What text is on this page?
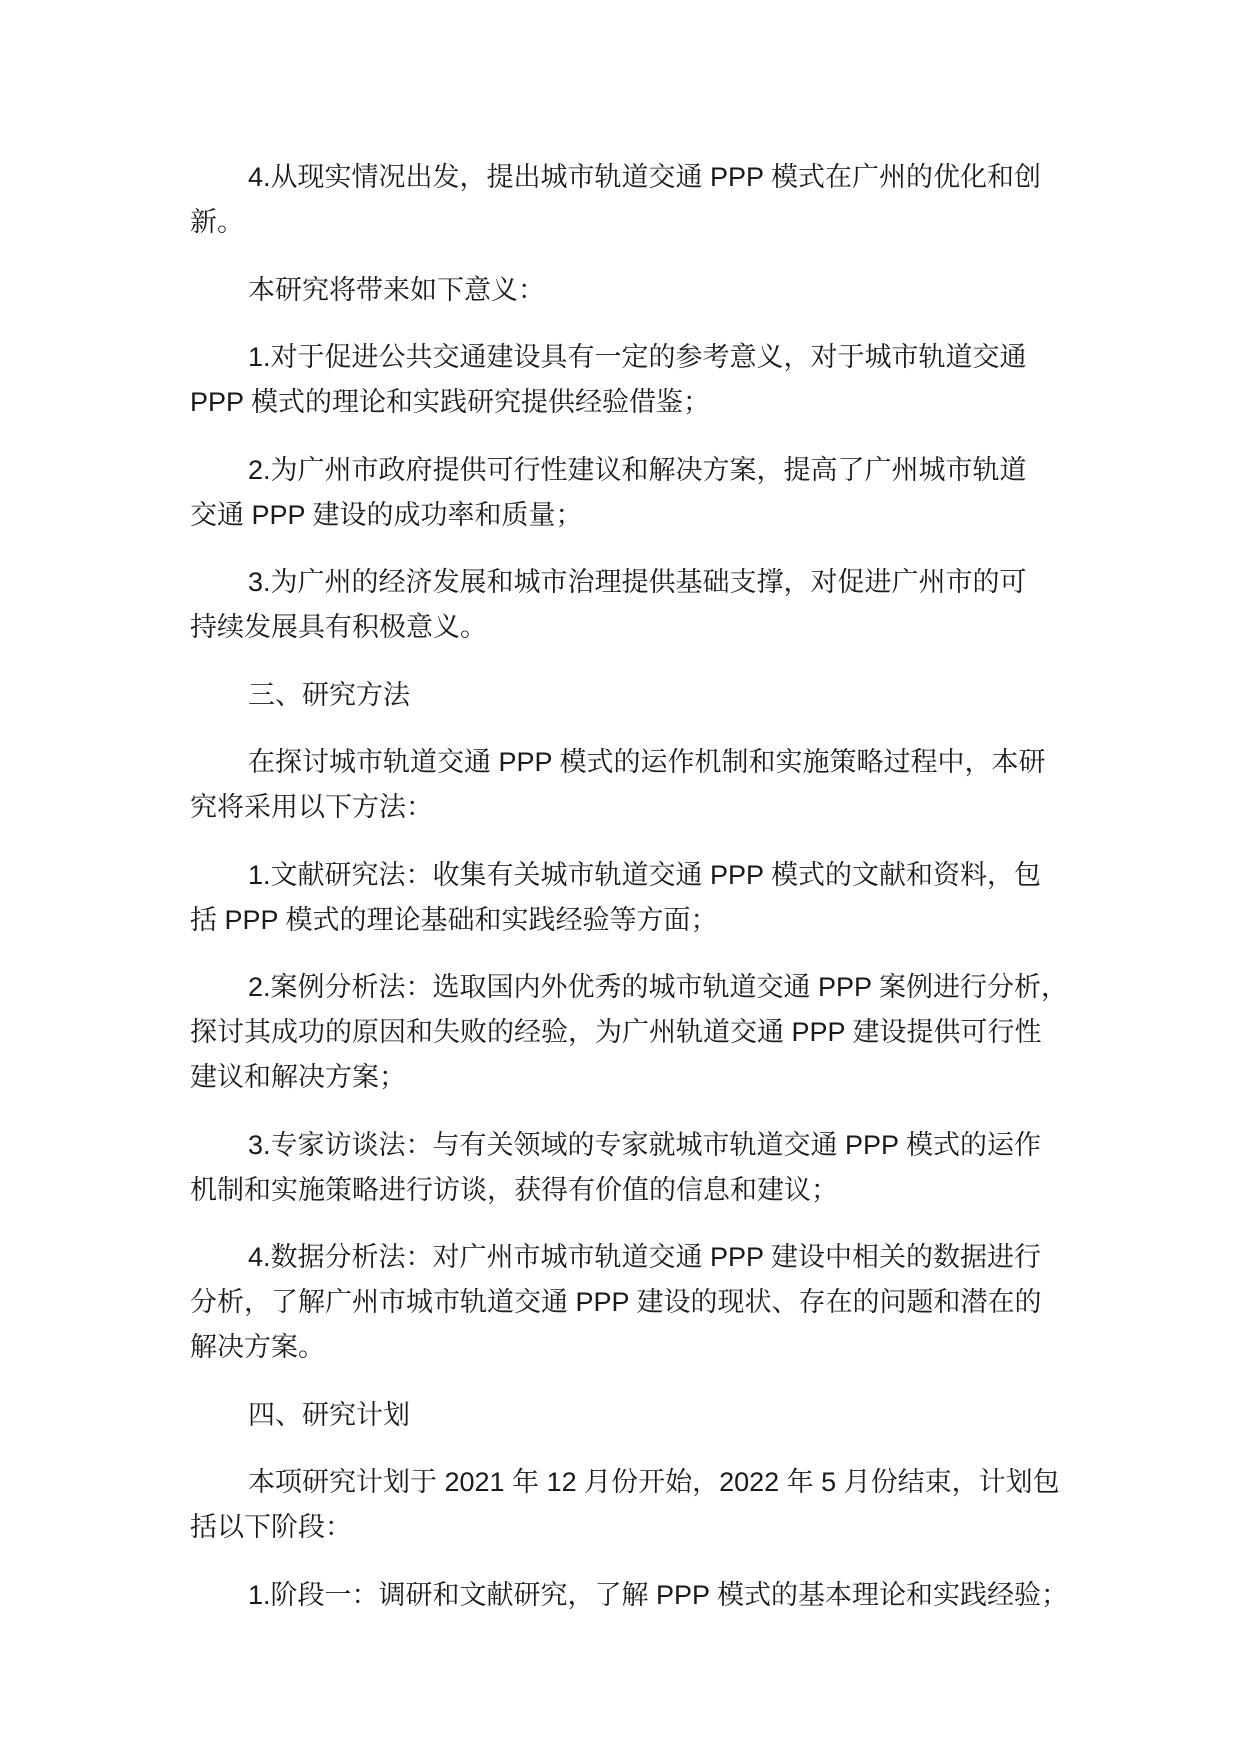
4.从现实情况出发，提出城市轨道交通 PPP 模式在广州的优化和创
新。
本研究将带来如下意义：
1.对于促进公共交通建设具有一定的参考意义，对于城市轨道交通
PPP 模式的理论和实践研究提供经验借鉴；
2.为广州市政府提供可行性建议和解决方案，提高了广州城市轨道
交通 PPP 建设的成功率和质量；
3.为广州的经济发展和城市治理提供基础支撑，对促进广州市的可
持续发展具有积极意义。
三、研究方法
在探讨城市轨道交通 PPP 模式的运作机制和实施策略过程中，本研
究将采用以下方法：
1.文献研究法：收集有关城市轨道交通 PPP 模式的文献和资料，包
括 PPP 模式的理论基础和实践经验等方面；
2.案例分析法：选取国内外优秀的城市轨道交通 PPP 案例进行分析，
探讨其成功的原因和失败的经验，为广州轨道交通 PPP 建设提供可行性
建议和解决方案；
3.专家访谈法：与有关领域的专家就城市轨道交通 PPP 模式的运作
机制和实施策略进行访谈，获得有价值的信息和建议；
4.数据分析法：对广州市城市轨道交通 PPP 建设中相关的数据进行
分析，了解广州市城市轨道交通 PPP 建设的现状、存在的问题和潜在的
解决方案。
四、研究计划
本项研究计划于 2021 年 12 月份开始，2022 年 5 月份结束，计划包
括以下阶段：
1.阶段一：调研和文献研究，了解 PPP 模式的基本理论和实践经验；
